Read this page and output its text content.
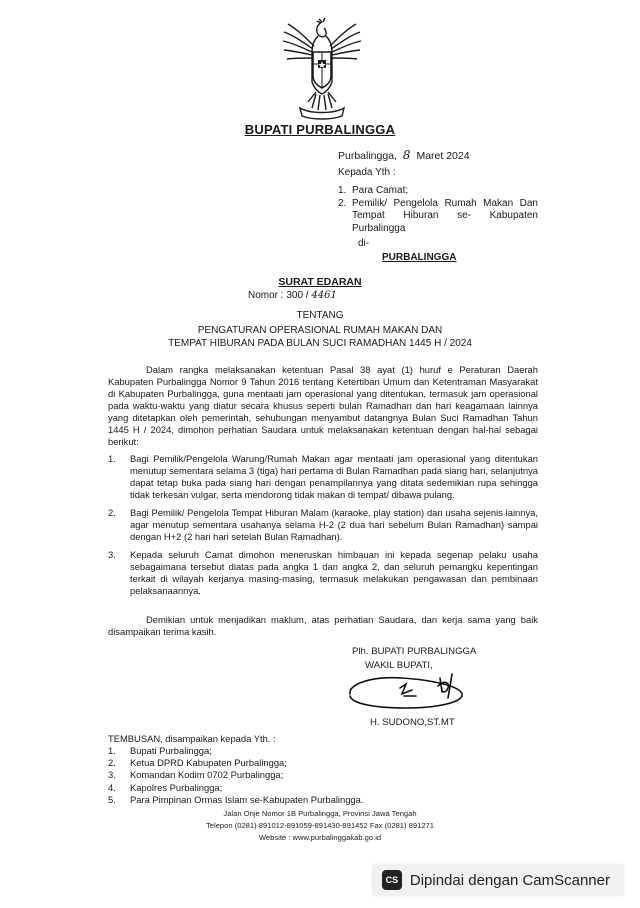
BUPATI PURBALINGGA
Purbalingga, 8 Maret 2024
Kepada Yth :
1. Para Camat;
2. Pemilik/ Pengelola Rumah Makan Dan Tempat Hiburan se- Kabupaten Purbalingga
di-
PURBALINGGA
SURAT EDARAN
Nomor : 300 / 4461
TENTANG
PENGATURAN OPERASIONAL RUMAH MAKAN DAN
TEMPAT HIBURAN PADA BULAN SUCI RAMADHAN 1445 H / 2024
Dalam rangka melaksanakan ketentuan Pasal 38 ayat (1) huruf e Peraturan Daerah Kabupaten Purbalingga Nomor 9 Tahun 2016 tentang Ketertiban Umum dan Ketentraman Masyarakat di Kabupaten Purbalingga, guna mentaati jam operasional yang ditentukan, termasuk jam operasional pada waktu-waktu yang diatur secara khusus seperti bulan Ramadhan dan hari keagamaan lainnya yang ditetapkan oleh pemerintah, sehubungan menyambut datangnya Bulan Suci Ramadhan Tahun 1445 H / 2024, dimohon perhatian Saudara untuk melaksanakan ketentuan dengan hal-hal sebagai berikut:
1.	Bagi Pemilik/Pengelola Warung/Rumah Makan agar mentaati jam operasional yang ditentukan menutup sementara selama 3 (tiga) hari pertama di Bulan Ramadhan pada siang hari, selanjutnya dapat tetap buka pada siang hari dengan penampilannya yang ditata sedemikian rupa sehingga tidak terkesan vulgar, serta mendorong tidak makan di tempat/ dibawa pulang.
2.	Bagi Pemilik/ Pengelola Tempat Hiburan Malam (karaoke, play station) dan usaha sejenis lainnya, agar menutup sementara usahanya selama H-2 (2 dua hari sebelum Bulan Ramadhan) sampai dengan H+2 (2 hari hari setelah Bulan Ramadhan).
3.	Kepada seluruh Camat dimohon meneruskan himbauan ini kepada segenap pelaku usaha sebagaimana tersebut diatas pada angka 1 dan angka 2, dan seluruh pemangku kepentingan terkait di wilayah kerjanya masing-masing, termasuk melakukan pengawasan dan pembinaan pelaksanaannya.
Demikian untuk menjadikan maklum, atas perhatian Saudara, dan kerja sama yang baik disampaikan terima kasih.
Plh. BUPATI PURBALINGGA
WAKIL BUPATI,
H. SUDONO,ST.MT
TEMBUSAN, disampaikan kepada Yth. :
1.	Bupati Purbalingga;
2.	Ketua DPRD Kabupaten Purbalingga;
3.	Komandan Kodim 0702 Purbalingga;
4.	Kapolres Purbalingga;
5.	Para Pimpinan Ormas Islam se-Kabupaten Purbalingga.
Jalan Onje Nomor 1B Purbalingga, Provinsi Jawa Tengah
Telepon (0281) 891012-891059-891430-891452 Fax (0281) 891271
Website : www.purbalinggakab.go.id
CS Dipindai dengan CamScanner
